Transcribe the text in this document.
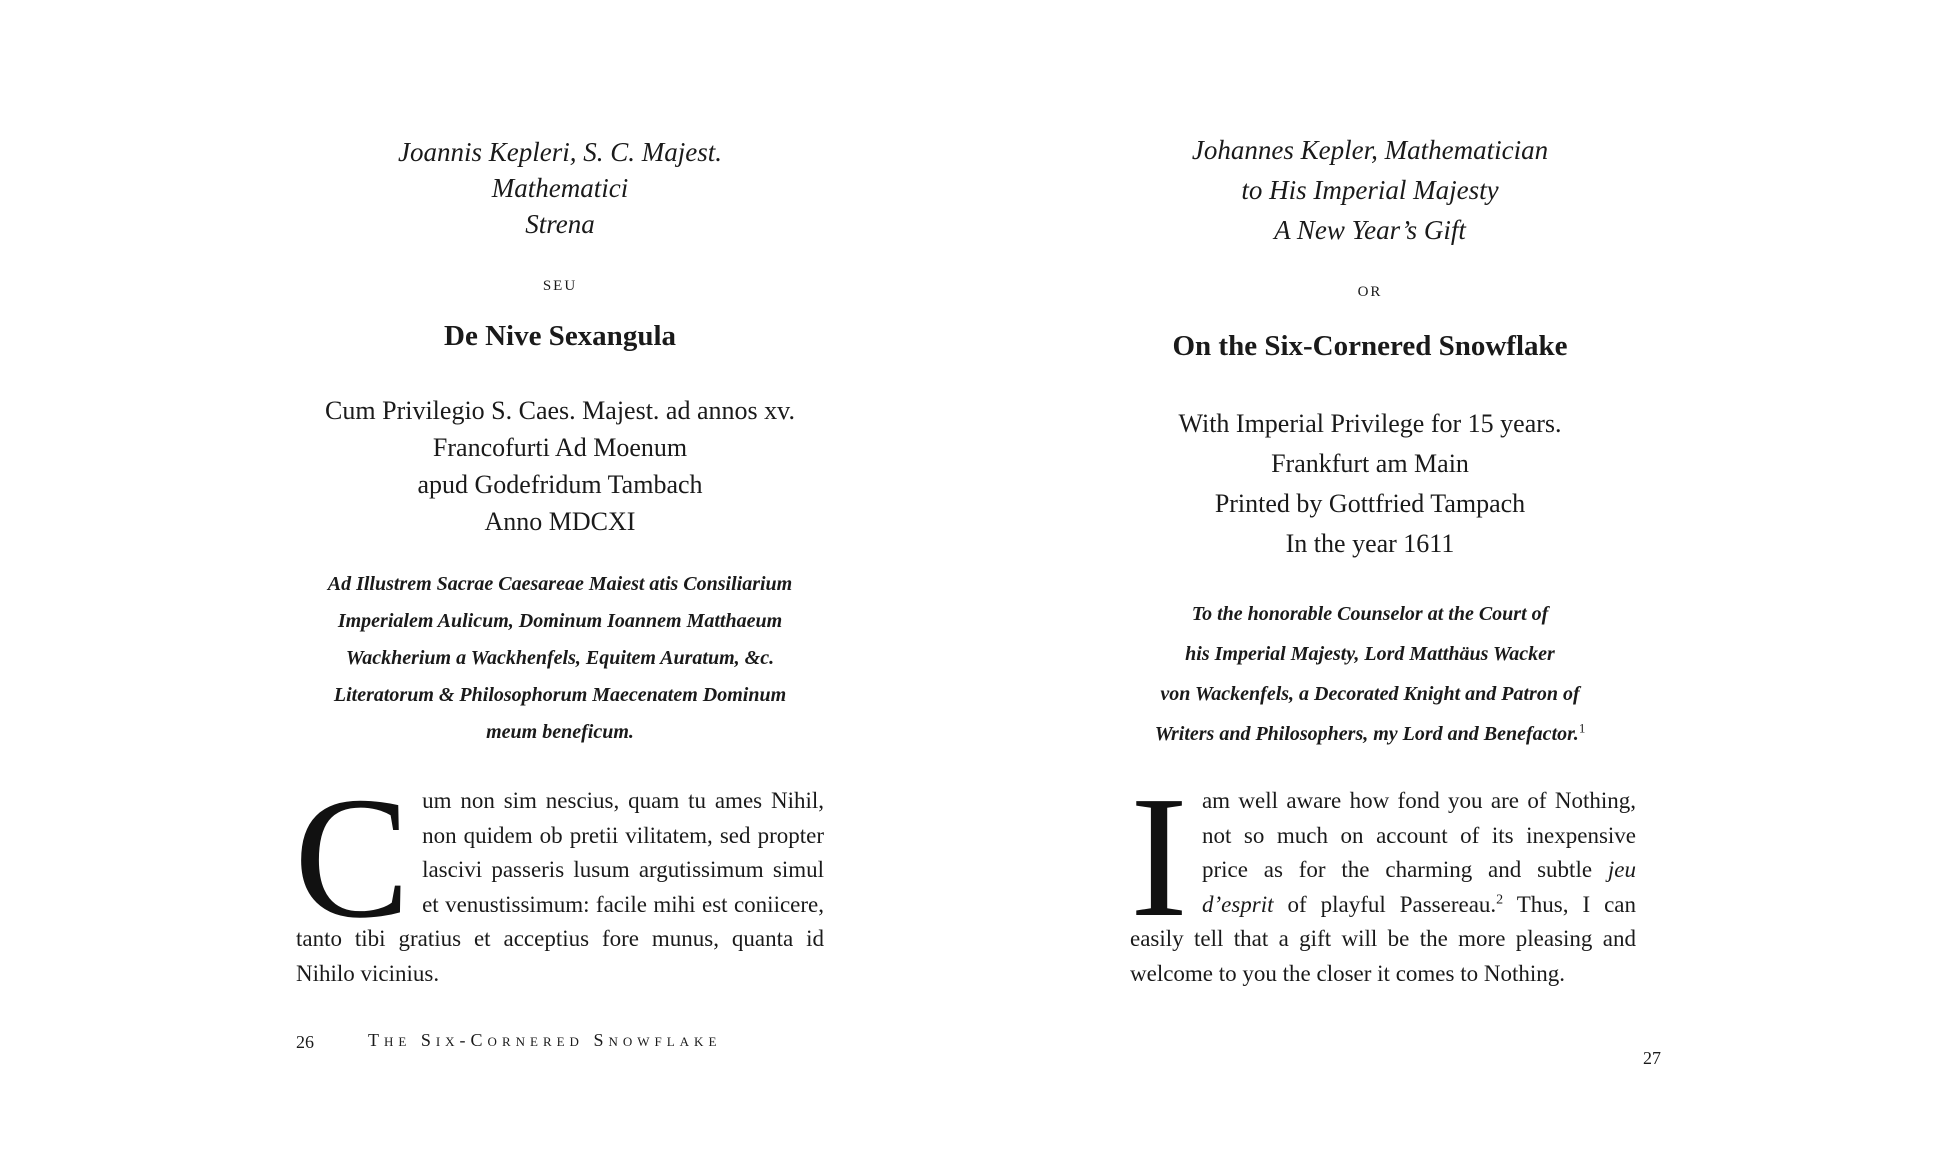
Joannis Kepleri, S. C. Majest.
Mathematici
Strena
seu
De Nive Sexangula
Cum Privilegio S. Caes. Majest. ad annos xv.
Francofurti Ad Moenum
apud Godefridum Tambach
Anno MDCXI
Ad Illustrem Sacrae Caesareae Maiest atis Consiliarium
Imperialem Aulicum, Dominum Ioannem Matthaeum
Wackherium a Wackhenfels, Equitem Auratum, &c.
Literatorum & Philosophorum Maecenatem Dominum
meum beneficum.
Cum non sim nescius, quam tu ames Nihil, non quidem ob pretii vilitatem, sed propter lascivi passeris lusum argutissimum simul et venustissimum: facile mihi est coniicere, tanto tibi gratius et acceptius fore munus, quanta id Nihilo vicinius.
26	The Six-Cornered Snowflake
Johannes Kepler, Mathematician
to His Imperial Majesty
A New Year’s Gift
or
On the Six-Cornered Snowflake
With Imperial Privilege for 15 years.
Frankfurt am Main
Printed by Gottfried Tampach
In the year 1611
To the honorable Counselor at the Court of
his Imperial Majesty, Lord Matthäus Wacker
von Wackenfels, a Decorated Knight and Patron of
Writers and Philosophers, my Lord and Benefactor.$^1$
Iam well aware how fond you are of Nothing, not so much on account of its inexpensive price as for the charming and subtle jeu d’esprit of playful Passereau.$^2$ Thus, I can easily tell that a gift will be the more pleasing and welcome to you the closer it comes to Nothing.
27
